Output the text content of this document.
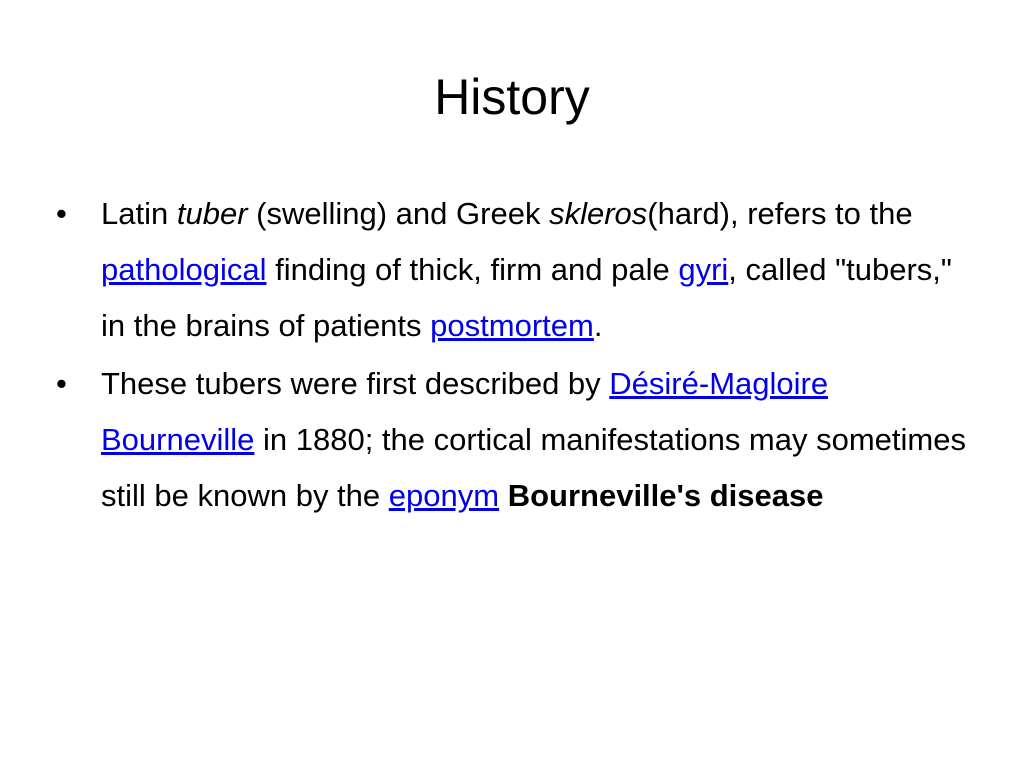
History
•	Latin tuber (swelling) and Greek skleros(hard), refers to the pathological finding of thick, firm and pale gyri, called "tubers," in the brains of patients postmortem.
•	These tubers were first described by Désiré-Magloire Bourneville in 1880; the cortical manifestations may sometimes still be known by the eponym Bourneville's disease
